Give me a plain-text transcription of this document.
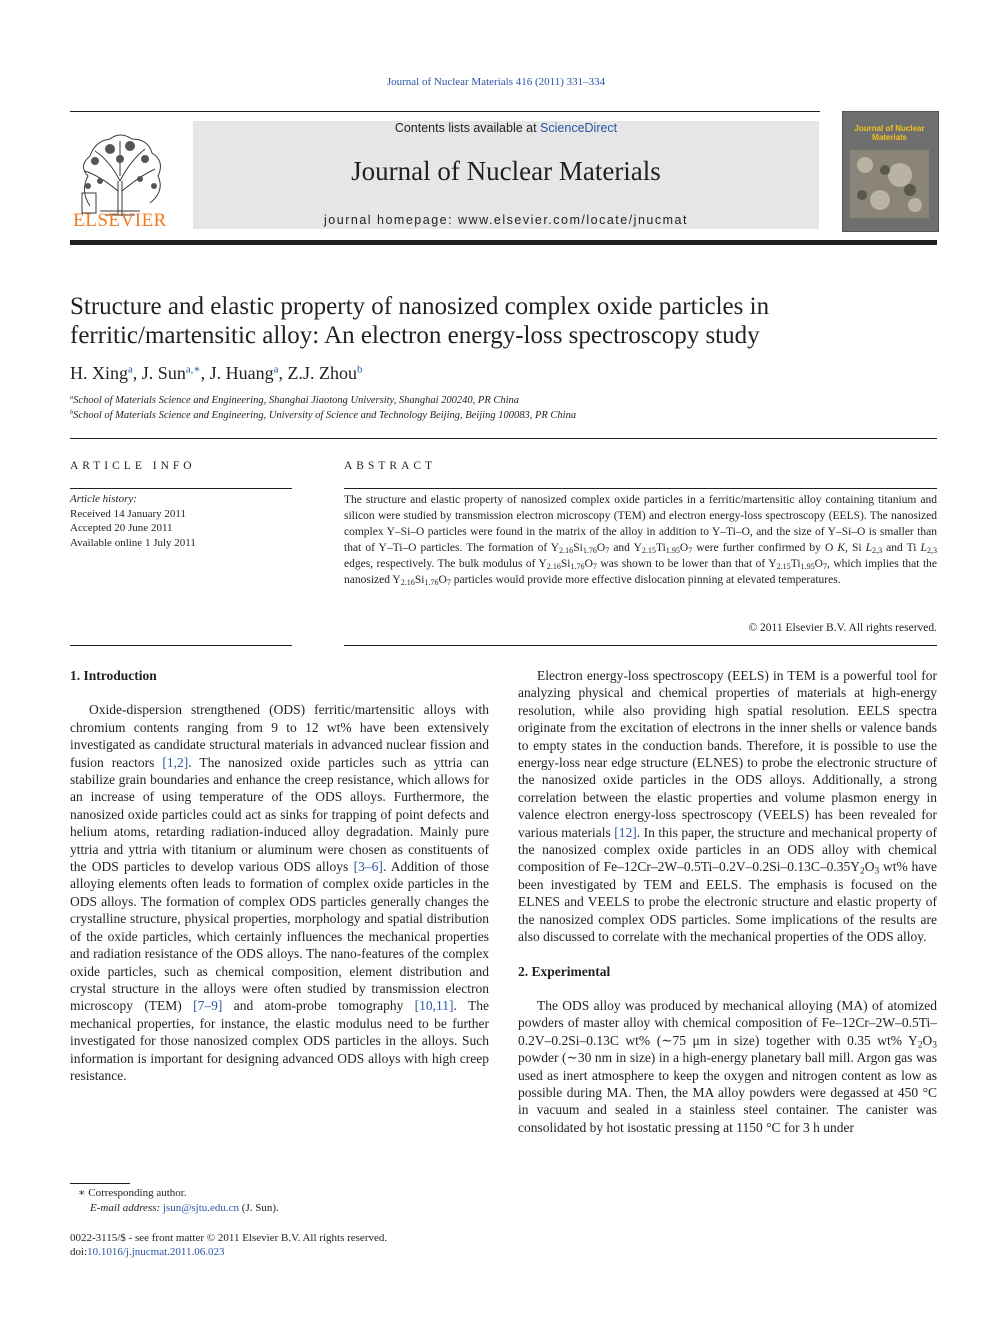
Journal of Nuclear Materials 416 (2011) 331–334
ELSEVIER
Contents lists available at ScienceDirect
Journal of Nuclear Materials
journal homepage: www.elsevier.com/locate/jnucmat
Journal of Nuclear Materials
Structure and elastic property of nanosized complex oxide particles in ferritic/martensitic alloy: An electron energy-loss spectroscopy study
H. Xing$^a$, J. Sun$^{a,∗}$, J. Huang$^a$, Z.J. Zhou$^b$
$^a$School of Materials Science and Engineering, Shanghai Jiaotong University, Shanghai 200240, PR China
$^b$School of Materials Science and Engineering, University of Science and Technology Beijing, Beijing 100083, PR China
ARTICLE INFO	ABSTRACT
Article history:
Received 14 January 2011
Accepted 20 June 2011
Available online 1 July 2011
The structure and elastic property of nanosized complex oxide particles in a ferritic/martensitic alloy containing titanium and silicon were studied by transmission electron microscopy (TEM) and electron energy-loss spectroscopy (EELS). The nanosized complex Y–Si–O particles were found in the matrix of the alloy in addition to Y–Ti–O, and the size of Y–Si–O is smaller than that of Y–Ti–O particles. The formation of $Y_{2.16}Si_{1.76}O_7$ and $Y_{2.15}Ti_{1.95}O_7$ were further confirmed by O K, Si $L_{2,3}$ and Ti $L_{2,3}$ edges, respectively. The bulk modulus of $Y_{2.16}Si_{1.76}O_7$ was shown to be lower than that of $Y_{2.15}Ti_{1.95}O_7$, which implies that the nanosized $Y_{2.16}Si_{1.76}O_7$ particles would provide more effective dislocation pinning at elevated temperatures.
© 2011 Elsevier B.V. All rights reserved.

1. Introduction

Oxide-dispersion strengthened (ODS) ferritic/martensitic alloys with chromium contents ranging from 9 to 12 wt% have been extensively investigated as candidate structural materials in advanced nuclear fission and fusion reactors [1,2]. The nanosized oxide particles such as yttria can stabilize grain boundaries and enhance the creep resistance, which allows for an increase of using temperature of the ODS alloys. Furthermore, the nanosized oxide particles could act as sinks for trapping of point defects and helium atoms, retarding radiation-induced alloy degradation. Mainly pure yttria and yttria with titanium or aluminum were chosen as constituents of the ODS particles to develop various ODS alloys [3–6]. Addition of those alloying elements often leads to formation of complex oxide particles in the ODS alloys. The formation of complex ODS particles generally changes the crystalline structure, physical properties, morphology and spatial distribution of the oxide particles, which certainly influences the mechanical properties and radiation resistance of the ODS alloys. The nano-features of the complex oxide particles, such as chemical composition, element distribution and crystal structure in the alloys were often studied by transmission electron microscopy (TEM) [7–9] and atom-probe tomography [10,11]. The mechanical properties, for instance, the elastic modulus need to be further investigated for those nanosized complex ODS particles in the alloys. Such information is important for designing advanced ODS alloys with high creep resistance.

Electron energy-loss spectroscopy (EELS) in TEM is a powerful tool for analyzing physical and chemical properties of materials at high-energy resolution, while also providing high spatial resolution. EELS spectra originate from the excitation of electrons in the inner shells or valence bands to empty states in the conduction bands. Therefore, it is possible to use the energy-loss near edge structure (ELNES) to probe the electronic structure of the nanosized oxide particles in the ODS alloys. Additionally, a strong correlation between the elastic properties and volume plasmon energy in valence electron energy-loss spectroscopy (VEELS) has been revealed for various materials [12]. In this paper, the structure and mechanical property of the nanosized complex oxide particles in an ODS alloy with chemical composition of $Fe-12Cr-2W-0.5Ti-0.2V-0.2Si-0.13C-0.35Y_2O_3$ wt% have been investigated by TEM and EELS. The emphasis is focused on the ELNES and VEELS to probe the electronic structure and elastic property of the nanosized complex ODS particles. Some implications of the results are also discussed to correlate with the mechanical properties of the ODS alloy.

2. Experimental

The ODS alloy was produced by mechanical alloying (MA) of atomized powders of master alloy with chemical composition of Fe–12Cr–2W–0.5Ti–0.2V–0.2Si–0.13C wt% (∼75 μm in size) together with 0.35 wt% $Y_2O_3$ powder (∼30 nm in size) in a high-energy planetary ball mill. Argon gas was used as inert atmosphere to keep the oxygen and nitrogen content as low as possible during MA. Then, the MA alloy powders were degassed at 450 °C in vacuum and sealed in a stainless steel container. The canister was consolidated by hot isostatic pressing at 1150 °C for 3 h under

∗ Corresponding author.
E-mail address: jsun@sjtu.edu.cn (J. Sun).
0022-3115/$ - see front matter © 2011 Elsevier B.V. All rights reserved.
doi:10.1016/j.jnucmat.2011.06.023
